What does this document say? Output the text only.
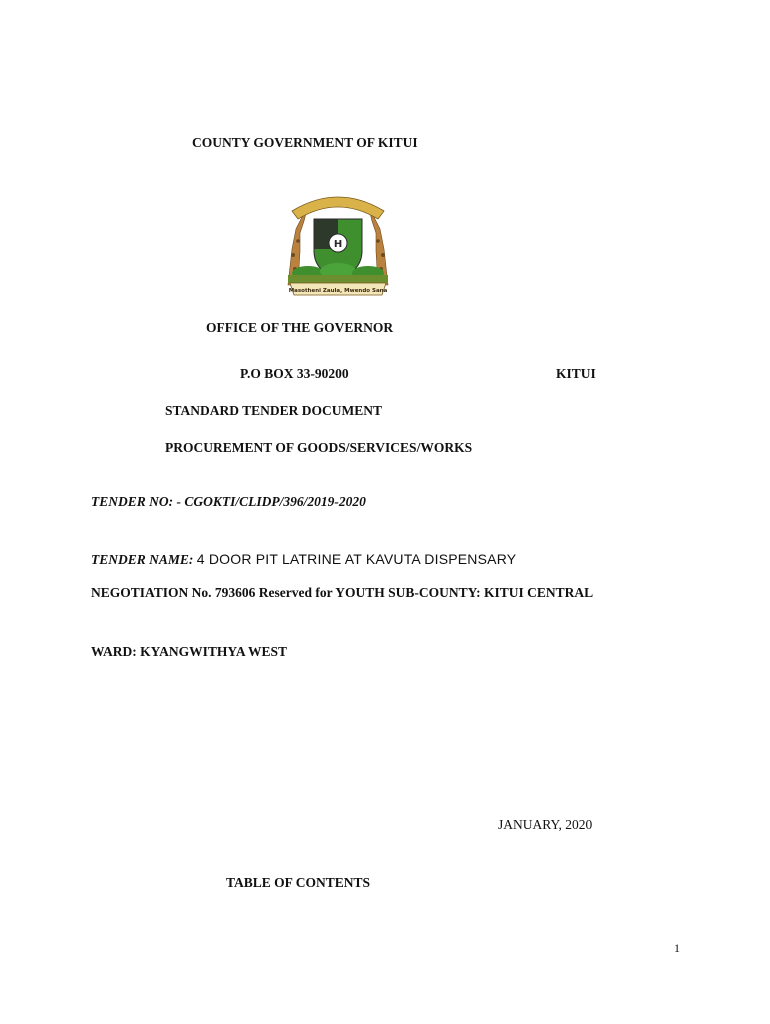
COUNTY GOVERNMENT OF KITUI
H
Masotheni Zaula, Mwendo Sana
OFFICE OF THE GOVERNOR
P.O BOX 33-90200	KITUI
STANDARD TENDER DOCUMENT
PROCUREMENT OF GOODS/SERVICES/WORKS
TENDER NO: - CGOKTI/CLIDP/396/2019-2020
TENDER NAME: 4 DOOR PIT LATRINE AT KAVUTA DISPENSARY
NEGOTIATION No. 793606 Reserved for YOUTH SUB-COUNTY: KITUI CENTRAL
WARD: KYANGWITHYA WEST
JANUARY, 2020
TABLE OF CONTENTS
1
